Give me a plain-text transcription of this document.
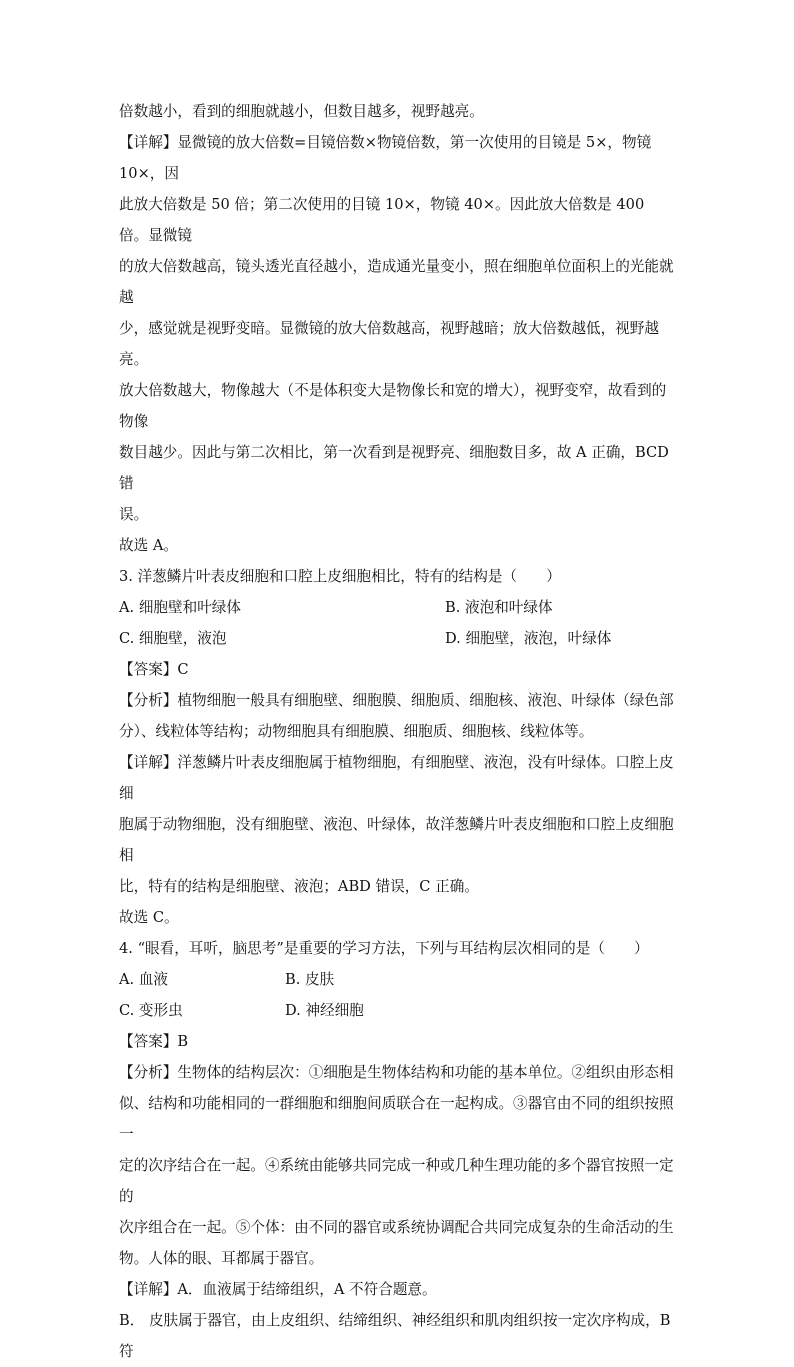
倍数越小，看到的细胞就越小，但数目越多，视野越亮。

【详解】显微镜的放大倍数=目镜倍数×物镜倍数，第一次使用的目镜是 5×，物镜 10×，因

此放大倍数是 50 倍；第二次使用的目镜 10×，物镜 40×。因此放大倍数是 400 倍。显微镜

的放大倍数越高，镜头透光直径越小，造成通光量变小，照在细胞单位面积上的光能就越

少，感觉就是视野变暗。显微镜的放大倍数越高，视野越暗；放大倍数越低，视野越亮。

放大倍数越大，物像越大（不是体积变大是物像长和宽的增大），视野变窄，故看到的物像

数目越少。因此与第二次相比，第一次看到是视野亮、细胞数目多，故 A 正确，BCD 错

误。

故选 A。

3. 洋葱鳞片叶表皮细胞和口腔上皮细胞相比，特有的结构是（　　）

A. 细胞壁和叶绿体	B. 液泡和叶绿体
C. 细胞壁，液泡	D. 细胞壁，液泡，叶绿体

【答案】C

【分析】植物细胞一般具有细胞壁、细胞膜、细胞质、细胞核、液泡、叶绿体（绿色部

分）、线粒体等结构；动物细胞具有细胞膜、细胞质、细胞核、线粒体等。

【详解】洋葱鳞片叶表皮细胞属于植物细胞，有细胞壁、液泡，没有叶绿体。口腔上皮细

胞属于动物细胞，没有细胞壁、液泡、叶绿体，故洋葱鳞片叶表皮细胞和口腔上皮细胞相

比，特有的结构是细胞壁、液泡；ABD 错误，C 正确。

故选 C。

4. “眼看，耳听，脑思考”是重要的学习方法，下列与耳结构层次相同的是（　　）

A. 血液	B. 皮肤
C. 变形虫	D. 神经细胞

【答案】B

【分析】生物体的结构层次：①细胞是生物体结构和功能的基本单位。②组织由形态相

似、结构和功能相同的一群细胞和细胞间质联合在一起构成。③器官由不同的组织按照一

定的次序结合在一起。④系统由能够共同完成一种或几种生理功能的多个器官按照一定的

次序组合在一起。⑤个体：由不同的器官或系统协调配合共同完成复杂的生命活动的生

物。人体的眼、耳都属于器官。

【详解】A．血液属于结缔组织，A 不符合题意。

B． 皮肤属于器官，由上皮组织、结缔组织、神经组织和肌肉组织按一定次序构成，B 符
